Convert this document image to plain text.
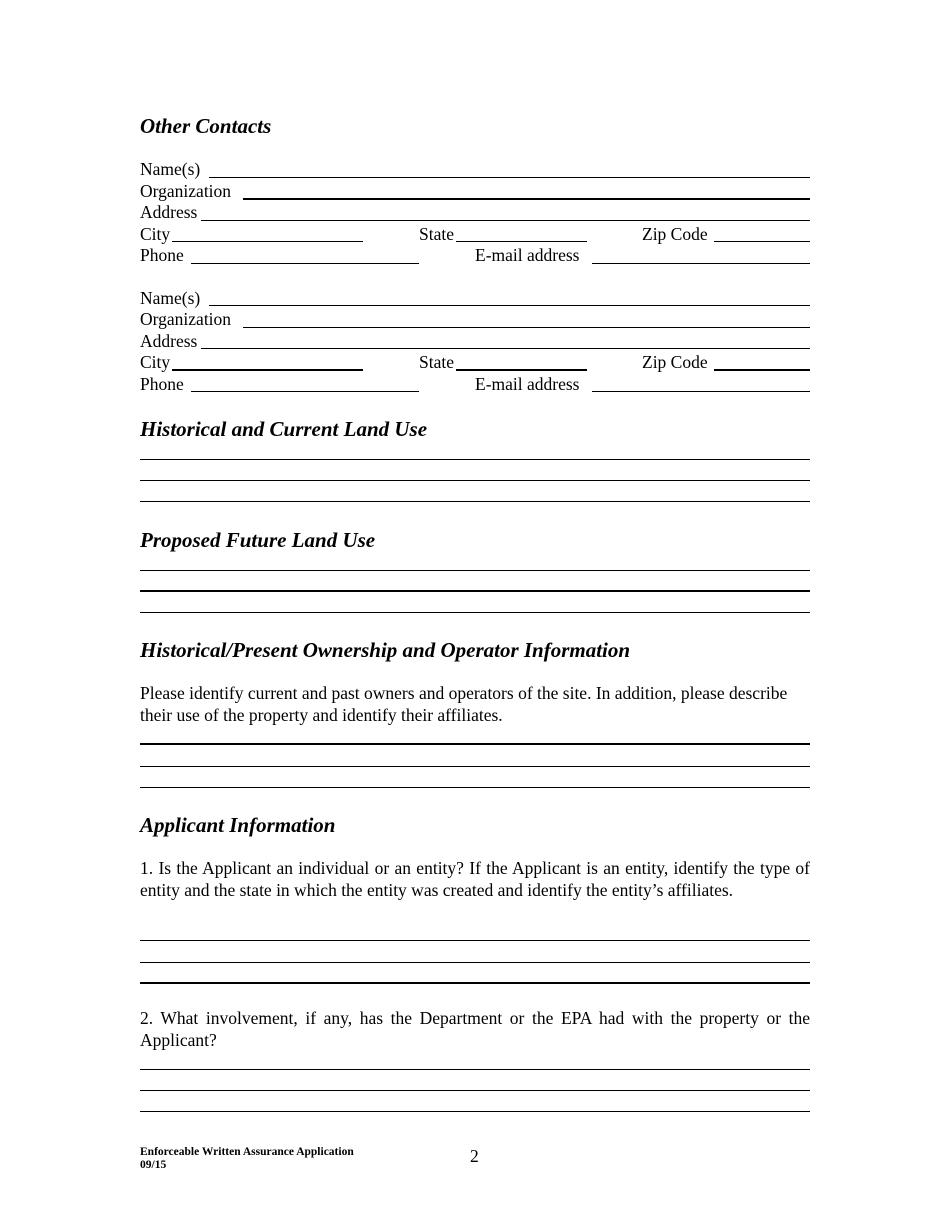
Other Contacts
Name(s)
Organization
Address
City	State	Zip Code
Phone	E-mail address
Name(s)
Organization
Address
City	State	Zip Code
Phone	E-mail address
Historical and Current Land Use
Proposed Future Land Use
Historical/Present Ownership and Operator Information
Please identify current and past owners and operators of the site. In addition, please describe their use of the property and identify their affiliates.
Applicant Information
1. Is the Applicant an individual or an entity? If the Applicant is an entity, identify the type of entity and the state in which the entity was created and identify the entity’s affiliates.
2. What involvement, if any, has the Department or the EPA had with the property or the Applicant?
Enforceable Written Assurance Application
09/15	2
